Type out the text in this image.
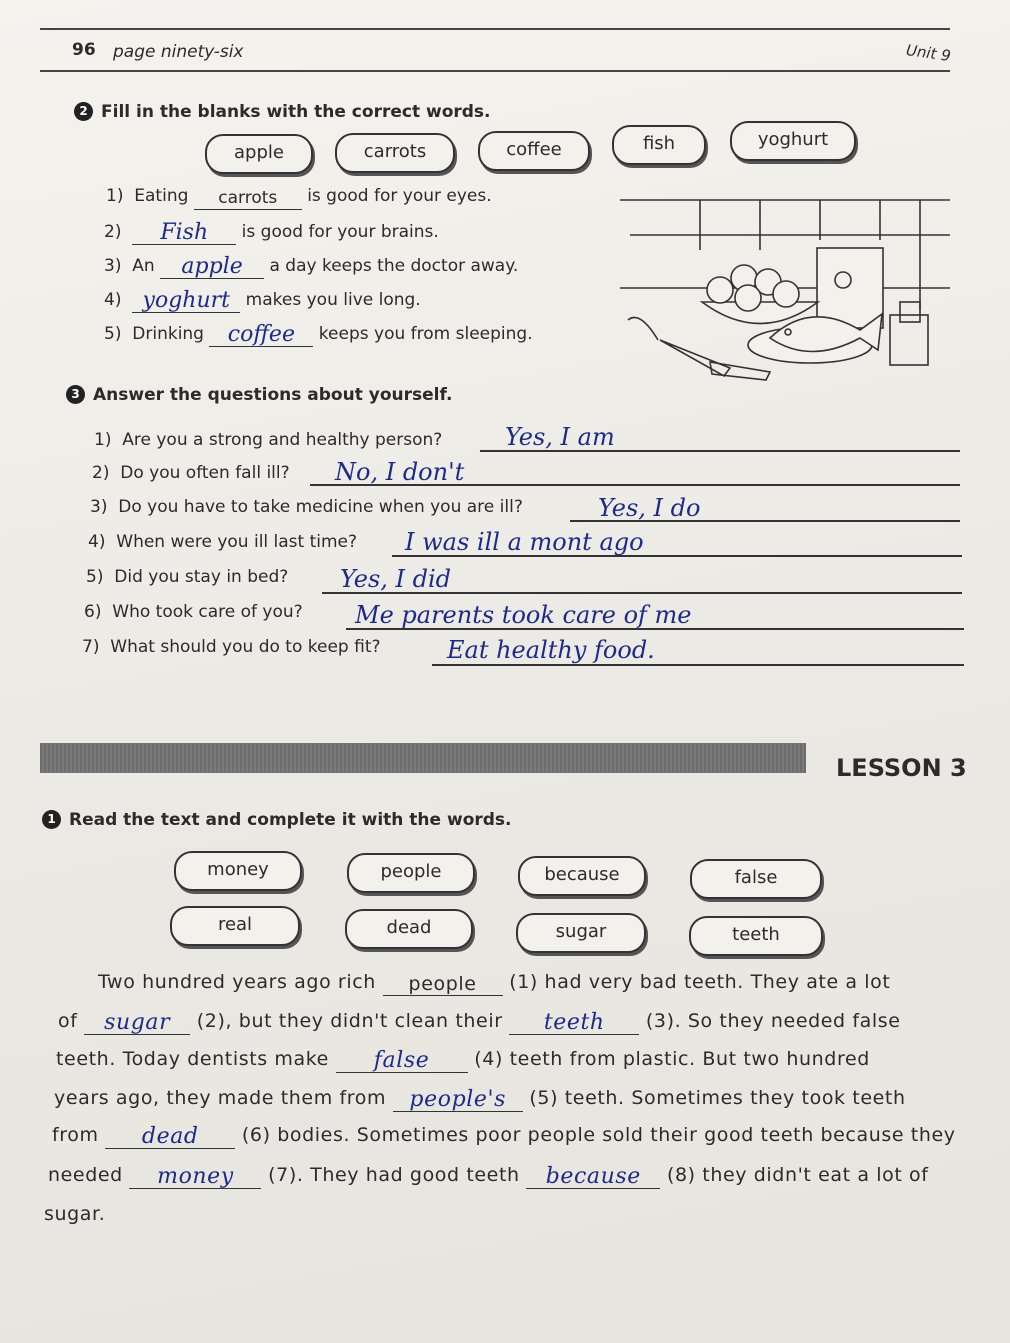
96 page ninety-six	Unit 9
2 Fill in the blanks with the correct words.
apple	carrots	coffee	fish	yoghurt
1) Eating carrots is good for your eyes.
2) Fish is good for your brains.
3) An apple a day keeps the doctor away.
4) yoghurt makes you live long.
5) Drinking coffee keeps you from sleeping.
3 Answer the questions about yourself.
1) Are you a strong and healthy person?	Yes, I am
2) Do you often fall ill? No, I don't
3) Do you have to take medicine when you are ill?	Yes, I do
4) When were you ill last time? I was ill a mont ago
5) Did you stay in bed? Yes, I did
6) Who took care of you? Me parents took care of me
7) What should you do to keep fit?	Eat healthy food.
LESSON 3
1 Read the text and complete it with the words.
money	people	because	false
real	dead	sugar	teeth
Two hundred years ago rich people (1) had very bad teeth. They ate a lot
of sugar (2), but they didn't clean their teeth (3). So they needed false
teeth. Today dentists make false (4) teeth from plastic. But two hundred
years ago, they made them from people's (5) teeth. Sometimes they took teeth
from dead (6) bodies. Sometimes poor people sold their good teeth because they
needed money (7). They had good teeth because (8) they didn't eat a lot of
sugar.
